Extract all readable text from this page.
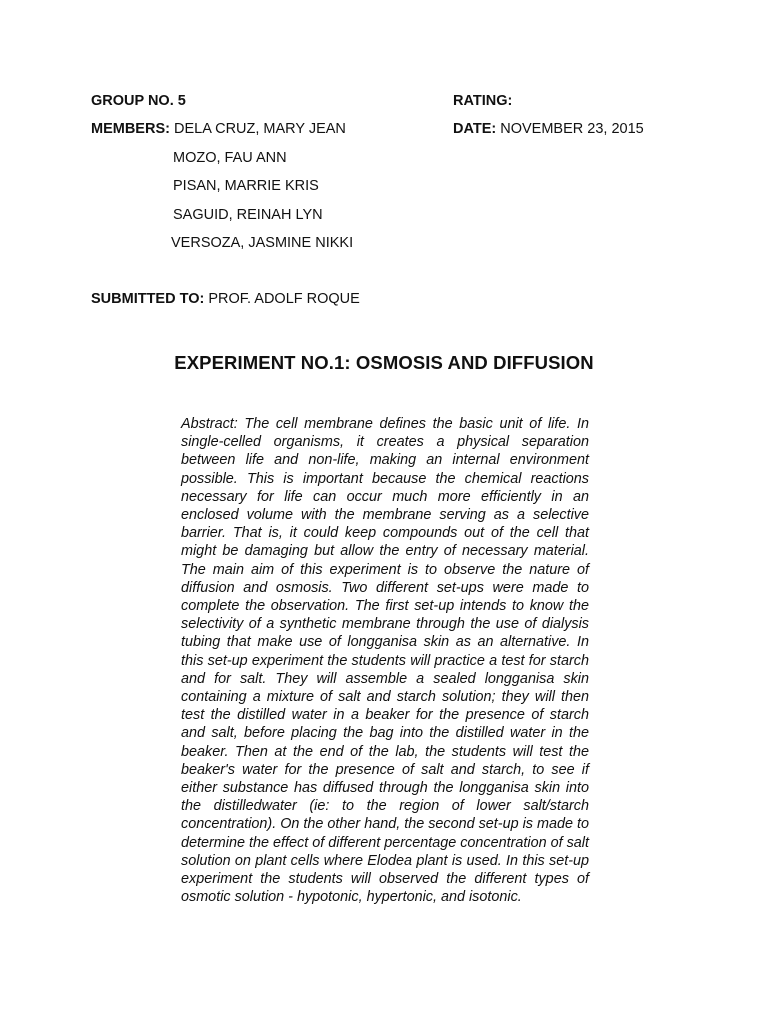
GROUP NO. 5	RATING:
MEMBERS: DELA CRUZ, MARY JEAN	DATE: NOVEMBER 23, 2015
MOZO, FAU ANN
PISAN, MARRIE KRIS
SAGUID, REINAH LYN
VERSOZA, JASMINE NIKKI
SUBMITTED TO: PROF. ADOLF ROQUE
EXPERIMENT NO.1: OSMOSIS AND DIFFUSION
Abstract: The cell membrane defines the basic unit of life. In single-celled organisms, it creates a physical separation between life and non-life, making an internal environment possible. This is important because the chemical reactions necessary for life can occur much more efficiently in an enclosed volume with the membrane serving as a selective barrier. That is, it could keep compounds out of the cell that might be damaging but allow the entry of necessary material. The main aim of this experiment is to observe the nature of diffusion and osmosis. Two different set-ups were made to complete the observation. The first set-up intends to know the selectivity of a synthetic membrane through the use of dialysis tubing that make use of longganisa skin as an alternative. In this set-up experiment the students will practice a test for starch and for salt. They will assemble a sealed longganisa skin containing a mixture of salt and starch solution; they will then test the distilled water in a beaker for the presence of starch and salt, before placing the bag into the distilled water in the beaker. Then at the end of the lab, the students will test the beaker's water for the presence of salt and starch, to see if either substance has diffused through the longganisa skin into the distilledwater (ie: to the region of lower salt/starch concentration). On the other hand, the second set-up is made to determine the effect of different percentage concentration of salt solution on plant cells where Elodea plant is used. In this set-up experiment the students will observed the different types of osmotic solution - hypotonic, hypertonic, and isotonic.
